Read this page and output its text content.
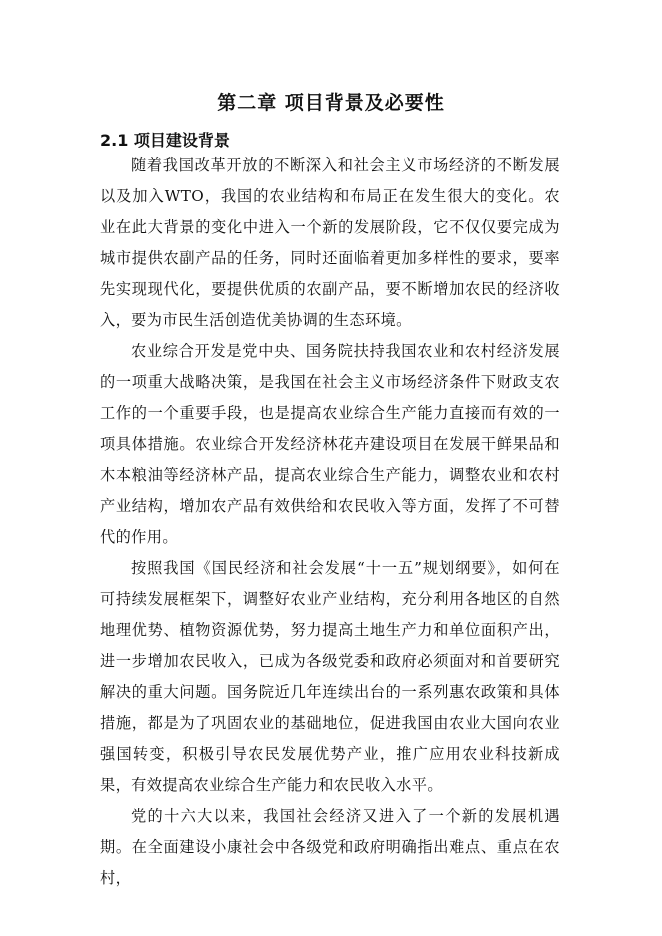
第二章 项目背景及必要性
2.1 项目建设背景

随着我国改革开放的不断深入和社会主义市场经济的不断发展以及加入WTO，我国的农业结构和布局正在发生很大的变化。农业在此大背景的变化中进入一个新的发展阶段，它不仅仅要完成为城市提供农副产品的任务，同时还面临着更加多样性的要求，要率先实现现代化，要提供优质的农副产品，要不断增加农民的经济收入，要为市民生活创造优美协调的生态环境。

农业综合开发是党中央、国务院扶持我国农业和农村经济发展的一项重大战略决策，是我国在社会主义市场经济条件下财政支农工作的一个重要手段，也是提高农业综合生产能力直接而有效的一项具体措施。农业综合开发经济林花卉建设项目在发展干鲜果品和木本粮油等经济林产品，提高农业综合生产能力，调整农业和农村产业结构，增加农产品有效供给和农民收入等方面，发挥了不可替代的作用。

按照我国《国民经济和社会发展“十一五”规划纲要》，如何在可持续发展框架下，调整好农业产业结构，充分利用各地区的自然地理优势、植物资源优势，努力提高土地生产力和单位面积产出，进一步增加农民收入，已成为各级党委和政府必须面对和首要研究解决的重大问题。国务院近几年连续出台的一系列惠农政策和具体措施，都是为了巩固农业的基础地位，促进我国由农业大国向农业强国转变，积极引导农民发展优势产业，推广应用农业科技新成果，有效提高农业综合生产能力和农民收入水平。

党的十六大以来，我国社会经济又进入了一个新的发展机遇期。在全面建设小康社会中各级党和政府明确指出难点、重点在农村，
